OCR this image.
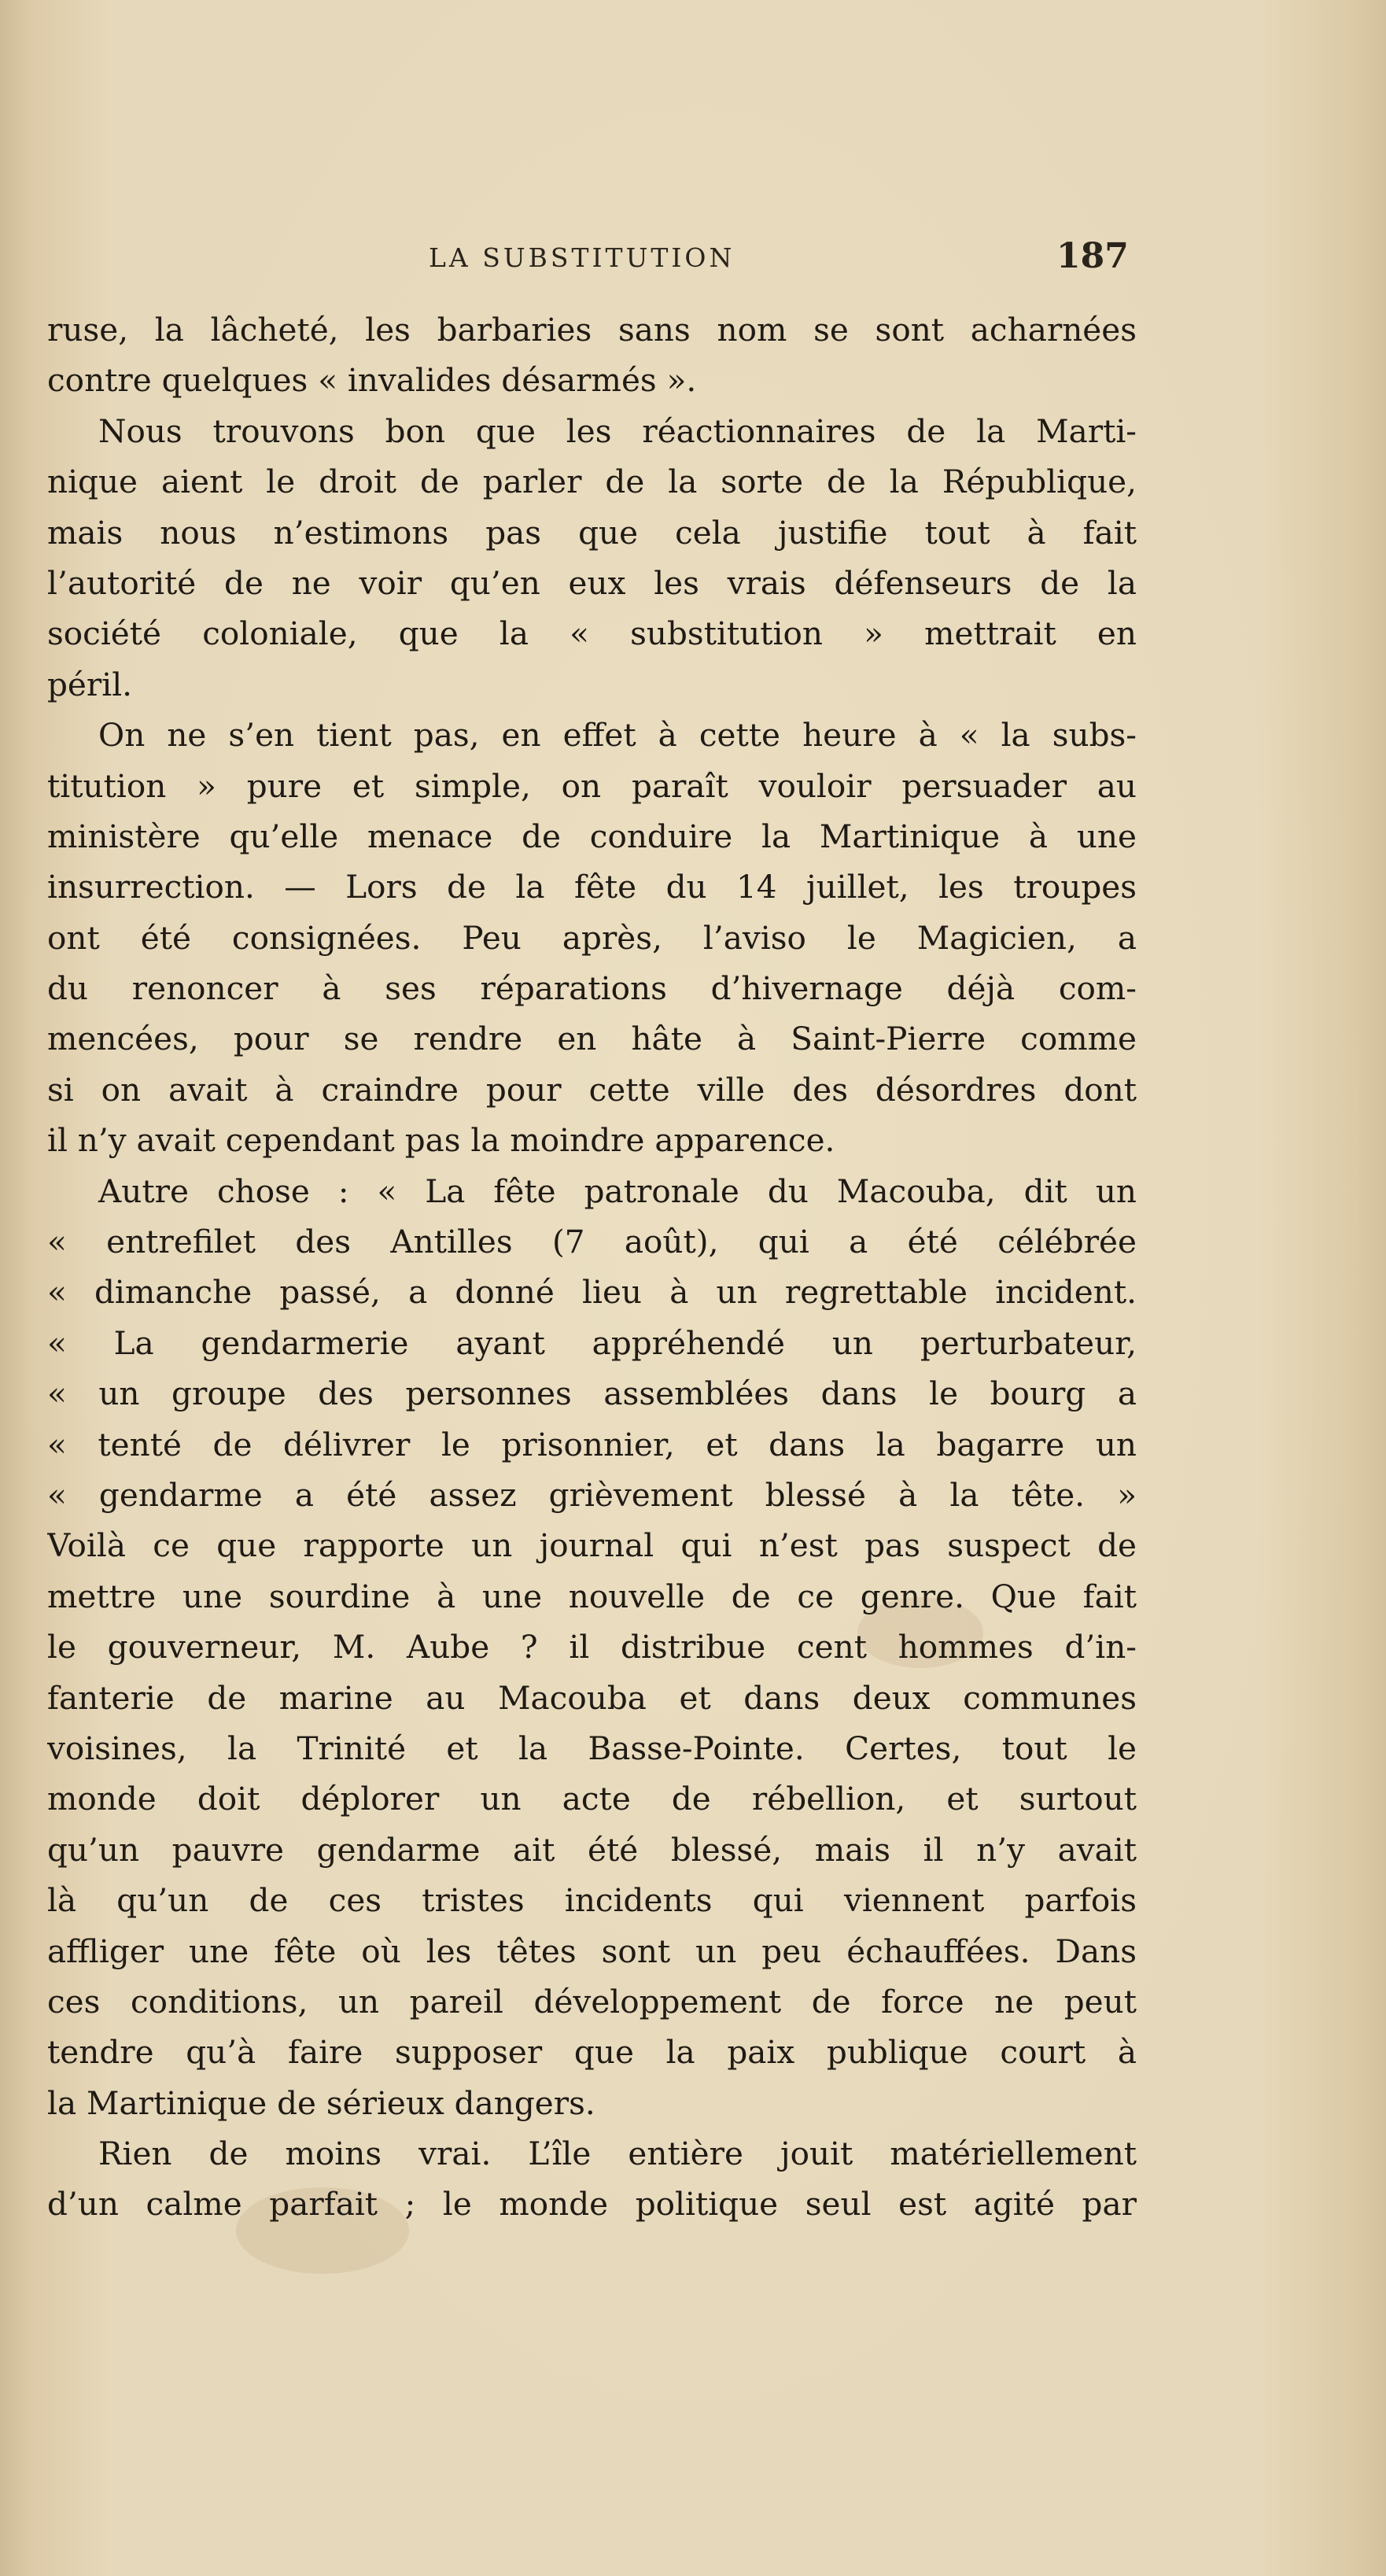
LA SUBSTITUTION	187
ruse, la lâcheté, les barbaries sans nom se sont acharnées
contre quelques « invalides désarmés ».
Nous trouvons bon que les réactionnaires de la Marti-
nique aient le droit de parler de la sorte de la République,
mais nous n’estimons pas que cela justifie tout à fait
l’autorité de ne voir qu’en eux les vrais défenseurs de la
société coloniale, que la « substitution » mettrait en
péril.
On ne s’en tient pas, en effet à cette heure à « la subs-
titution » pure et simple, on paraît vouloir persuader au
ministère qu’elle menace de conduire la Martinique à une
insurrection. — Lors de la fête du 14 juillet, les troupes
ont été consignées. Peu après, l’aviso le Magicien, a
du renoncer à ses réparations d’hivernage déjà com-
mencées, pour se rendre en hâte à Saint-Pierre comme
si on avait à craindre pour cette ville des désordres dont
il n’y avait cependant pas la moindre apparence.
Autre chose : « La fête patronale du Macouba, dit un
« entrefilet des Antilles (7 août), qui a été célébrée
« dimanche passé, a donné lieu à un regrettable incident.
« La gendarmerie ayant appréhendé un perturbateur,
« un groupe des personnes assemblées dans le bourg a
« tenté de délivrer le prisonnier, et dans la bagarre un
« gendarme a été assez grièvement blessé à la tête. »
Voilà ce que rapporte un journal qui n’est pas suspect de
mettre une sourdine à une nouvelle de ce genre. Que fait
le gouverneur, M. Aube ? il distribue cent hommes d’in-
fanterie de marine au Macouba et dans deux communes
voisines, la Trinité et la Basse-Pointe. Certes, tout le
monde doit déplorer un acte de rébellion, et surtout
qu’un pauvre gendarme ait été blessé, mais il n’y avait
là qu’un de ces tristes incidents qui viennent parfois
affliger une fête où les têtes sont un peu échauffées. Dans
ces conditions, un pareil développement de force ne peut
tendre qu’à faire supposer que la paix publique court à
la Martinique de sérieux dangers.
Rien de moins vrai. L’île entière jouit matériellement
d’un calme parfait ; le monde politique seul est agité par
